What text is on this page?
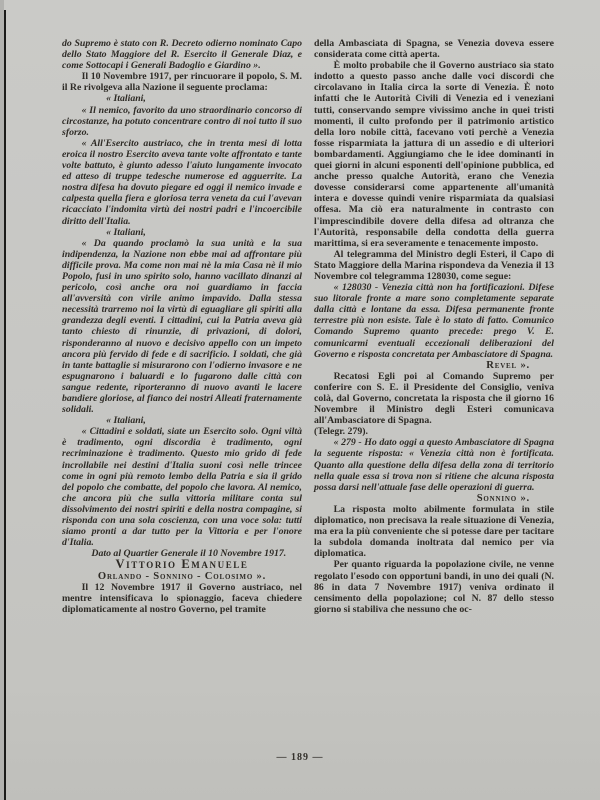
do Supremo è stato con R. Decreto odierno nominato Capo dello Stato Maggiore del R. Esercito il Generale Diaz, e come Sottocapi i Generali Badoglio e Giardino ».

Il 10 Novembre 1917, per rincuorare il popolo, S. M. il Re rivolgeva alla Nazione il seguente proclama:

« Italiani,

« Il nemico, favorito da uno straordinario concorso di circostanze, ha potuto concentrare contro di noi tutto il suo sforzo.

« All'Esercito austriaco, che in trenta mesi di lotta eroica il nostro Esercito aveva tante volte affrontato e tante volte battuto, è giunto adesso l'aiuto lungamente invocato ed atteso di truppe tedesche numerose ed agguerrite. La nostra difesa ha dovuto piegare ed oggi il nemico invade e calpesta quella fiera e gloriosa terra veneta da cui l'avevan ricacciato l'indomita virtù dei nostri padri e l'incoercibile diritto dell'Italia.

« Italiani,

« Da quando proclamò la sua unità e la sua indipendenza, la Nazione non ebbe mai ad affrontare più difficile prova. Ma come non mai nè la mia Casa nè il mio Popolo, fusi in uno spirito solo, hanno vacillato dinanzi al pericolo, così anche ora noi guardiamo in faccia all'avversità con virile animo impavido. Dalla stessa necessità trarremo noi la virtù di eguagliare gli spiriti alla grandezza degli eventi. I cittadini, cui la Patria aveva già tanto chiesto di rinunzie, di privazioni, di dolori, risponderanno al nuovo e decisivo appello con un impeto ancora più fervido di fede e di sacrificio. I soldati, che già in tante battaglie si misurarono con l'odierno invasore e ne espugnarono i baluardi e lo fugarono dalle città con sangue redente, riporteranno di nuovo avanti le lacere bandiere gloriose, al fianco dei nostri Alleati fraternamente solidali.

« Italiani,

« Cittadini e soldati, siate un Esercito solo. Ogni viltà è tradimento, ogni discordia è tradimento, ogni recriminazione è tradimento. Questo mio grido di fede incrollabile nei destini d'Italia suoni così nelle trincee come in ogni più remoto lembo della Patria e sia il grido del popolo che combatte, del popolo che lavora. Al nemico, che ancora più che sulla vittoria militare conta sul dissolvimento dei nostri spiriti e della nostra compagine, si risponda con una sola coscienza, con una voce sola: tutti siamo pronti a dar tutto per la Vittoria e per l'onore d'Italia.

Dato al Quartier Generale il 10 Novembre 1917.

Vittorio Emanuele

Orlando - Sonnino - Colosimo ».

Il 12 Novembre 1917 il Governo austriaco, nel mentre intensificava lo spionaggio, faceva chiedere diplomaticamente al nostro Governo, pel tramite

della Ambasciata di Spagna, se Venezia doveva essere considerata come città aperta.

È molto probabile che il Governo austriaco sia stato indotto a questo passo anche dalle voci discordi che circolavano in Italia circa la sorte di Venezia. È noto infatti che le Autorità Civili di Venezia ed i veneziani tutti, conservando sempre vivissimo anche in quei tristi momenti, il culto profondo per il patrimonio artistico della loro nobile città, facevano voti perchè a Venezia fosse risparmiata la jattura di un assedio e di ulteriori bombardamenti. Aggiungiamo che le idee dominanti in quei giorni in alcuni esponenti dell'opinione pubblica, ed anche presso qualche Autorità, erano che Venezia dovesse considerarsi come appartenente all'umanità intera e dovesse quindi venire risparmiata da qualsiasi offesa. Ma ciò era naturalmente in contrasto con l'imprescindibile dovere della difesa ad oltranza che l'Autorità, responsabile della condotta della guerra marittima, si era severamente e tenacemente imposto.

Al telegramma del Ministro degli Esteri, il Capo di Stato Maggiore della Marina rispondeva da Venezia il 13 Novembre col telegramma 128030, come segue:

« 128030 - Venezia città non ha fortificazioni. Difese suo litorale fronte a mare sono completamente separate dalla città e lontane da essa. Difesa permanente fronte terrestre più non esiste. Tale è lo stato di fatto. Comunico Comando Supremo quanto precede: prego V. E. comunicarmi eventuali eccezionali deliberazioni del Governo e risposta concretata per Ambasciatore di Spagna.

Revel ».

Recatosi Egli poi al Comando Supremo per conferire con S. E. il Presidente del Consiglio, veniva colà, dal Governo, concretata la risposta che il giorno 16 Novembre il Ministro degli Esteri comunicava all'Ambasciatore di Spagna.

(Telegr. 279).

« 279 - Ho dato oggi a questo Ambasciatore di Spagna la seguente risposta: « Venezia città non è fortificata. Quanto alla questione della difesa della zona di territorio nella quale essa si trova non si ritiene che alcuna risposta possa darsi nell'attuale fase delle operazioni di guerra.

Sonnino ».

La risposta molto abilmente formulata in stile diplomatico, non precisava la reale situazione di Venezia, ma era la più conveniente che si potesse dare per tacitare la subdola domanda inoltrata dal nemico per via diplomatica.

Per quanto riguarda la popolazione civile, ne venne regolato l'esodo con opportuni bandi, in uno dei quali (N. 86 in data 7 Novembre 1917) veniva ordinato il censimento della popolazione; col N. 87 dello stesso giorno si stabiliva che nessuno che oc-

— 189 —
